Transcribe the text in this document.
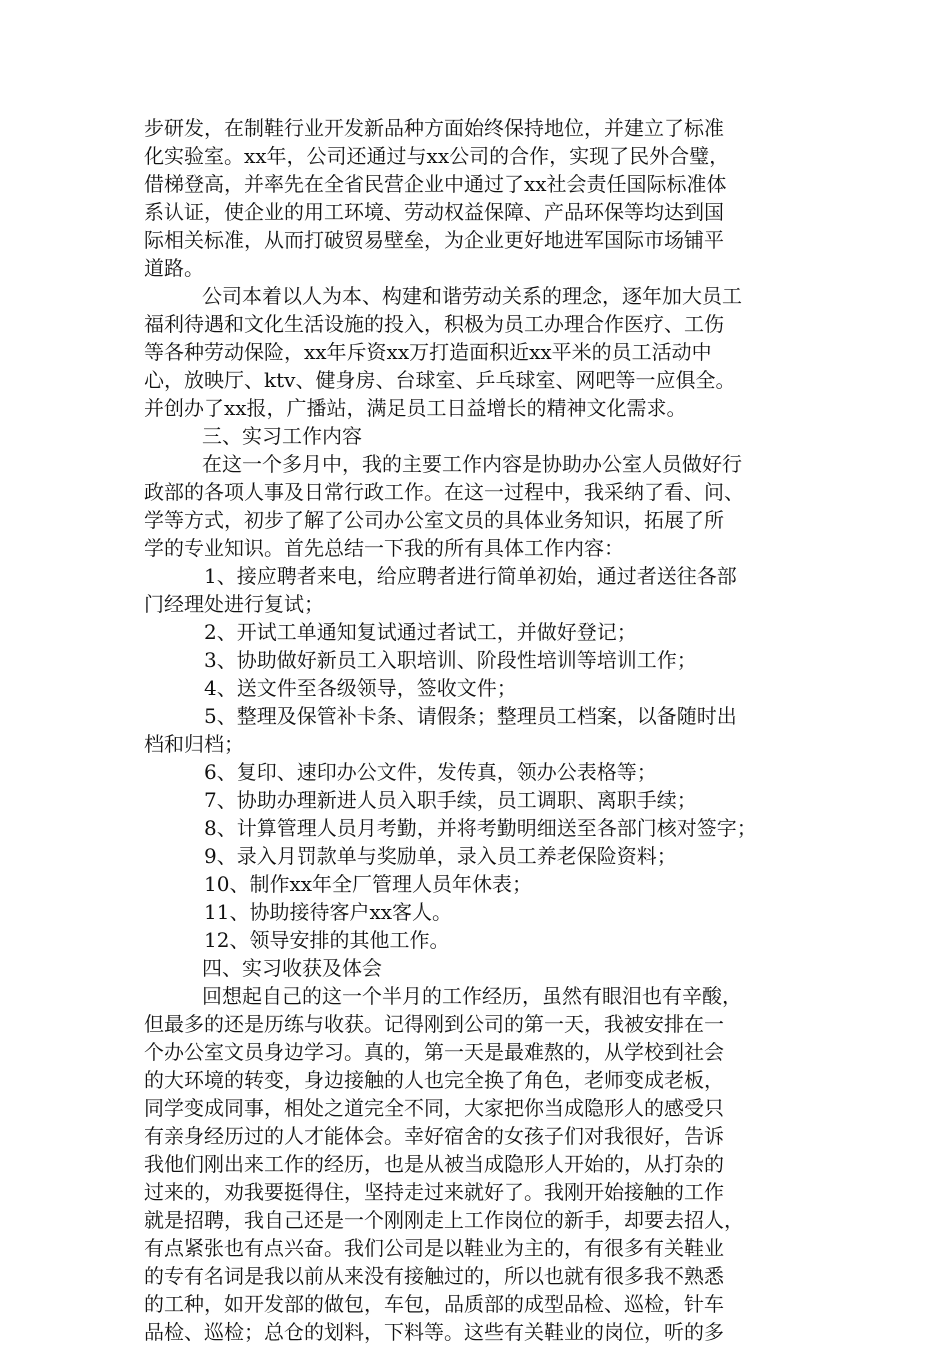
步研发，在制鞋行业开发新品种方面始终保持地位，并建立了标准
化实验室。xx年，公司还通过与xx公司的合作，实现了民外合璧，
借梯登高，并率先在全省民营企业中通过了xx社会责任国际标准体
系认证，使企业的用工环境、劳动权益保障、产品环保等均达到国
际相关标准，从而打破贸易壁垒，为企业更好地进军国际市场铺平
道路。
公司本着以人为本、构建和谐劳动关系的理念，逐年加大员工
福利待遇和文化生活设施的投入，积极为员工办理合作医疗、工伤
等各种劳动保险，xx年斥资xx万打造面积近xx平米的员工活动中
心，放映厅、ktv、健身房、台球室、乒乓球室、网吧等一应俱全。
并创办了xx报，广播站，满足员工日益增长的精神文化需求。
三、实习工作内容
在这一个多月中，我的主要工作内容是协助办公室人员做好行
政部的各项人事及日常行政工作。在这一过程中，我采纳了看、问、
学等方式，初步了解了公司办公室文员的具体业务知识，拓展了所
学的专业知识。首先总结一下我的所有具体工作内容：
1、接应聘者来电，给应聘者进行简单初始，通过者送往各部
门经理处进行复试；
2、开试工单通知复试通过者试工，并做好登记；
3、协助做好新员工入职培训、阶段性培训等培训工作；
4、送文件至各级领导，签收文件；
5、整理及保管补卡条、请假条；整理员工档案，以备随时出
档和归档；
6、复印、速印办公文件，发传真，领办公表格等；
7、协助办理新进人员入职手续，员工调职、离职手续；
8、计算管理人员月考勤，并将考勤明细送至各部门核对签字；
9、录入月罚款单与奖励单，录入员工养老保险资料；
10、制作xx年全厂管理人员年休表；
11、协助接待客户xx客人。
12、领导安排的其他工作。
四、实习收获及体会
回想起自己的这一个半月的工作经历，虽然有眼泪也有辛酸，
但最多的还是历练与收获。记得刚到公司的第一天，我被安排在一
个办公室文员身边学习。真的，第一天是最难熬的，从学校到社会
的大环境的转变，身边接触的人也完全换了角色，老师变成老板，
同学变成同事，相处之道完全不同，大家把你当成隐形人的感受只
有亲身经历过的人才能体会。幸好宿舍的女孩子们对我很好，告诉
我他们刚出来工作的经历，也是从被当成隐形人开始的，从打杂的
过来的，劝我要挺得住，坚持走过来就好了。我刚开始接触的工作
就是招聘，我自己还是一个刚刚走上工作岗位的新手，却要去招人，
有点紧张也有点兴奋。我们公司是以鞋业为主的，有很多有关鞋业
的专有名词是我以前从来没有接触过的，所以也就有很多我不熟悉
的工种，如开发部的做包，车包，品质部的成型品检、巡检，针车
品检、巡检；总仓的划料，下料等。这些有关鞋业的岗位，听的多
